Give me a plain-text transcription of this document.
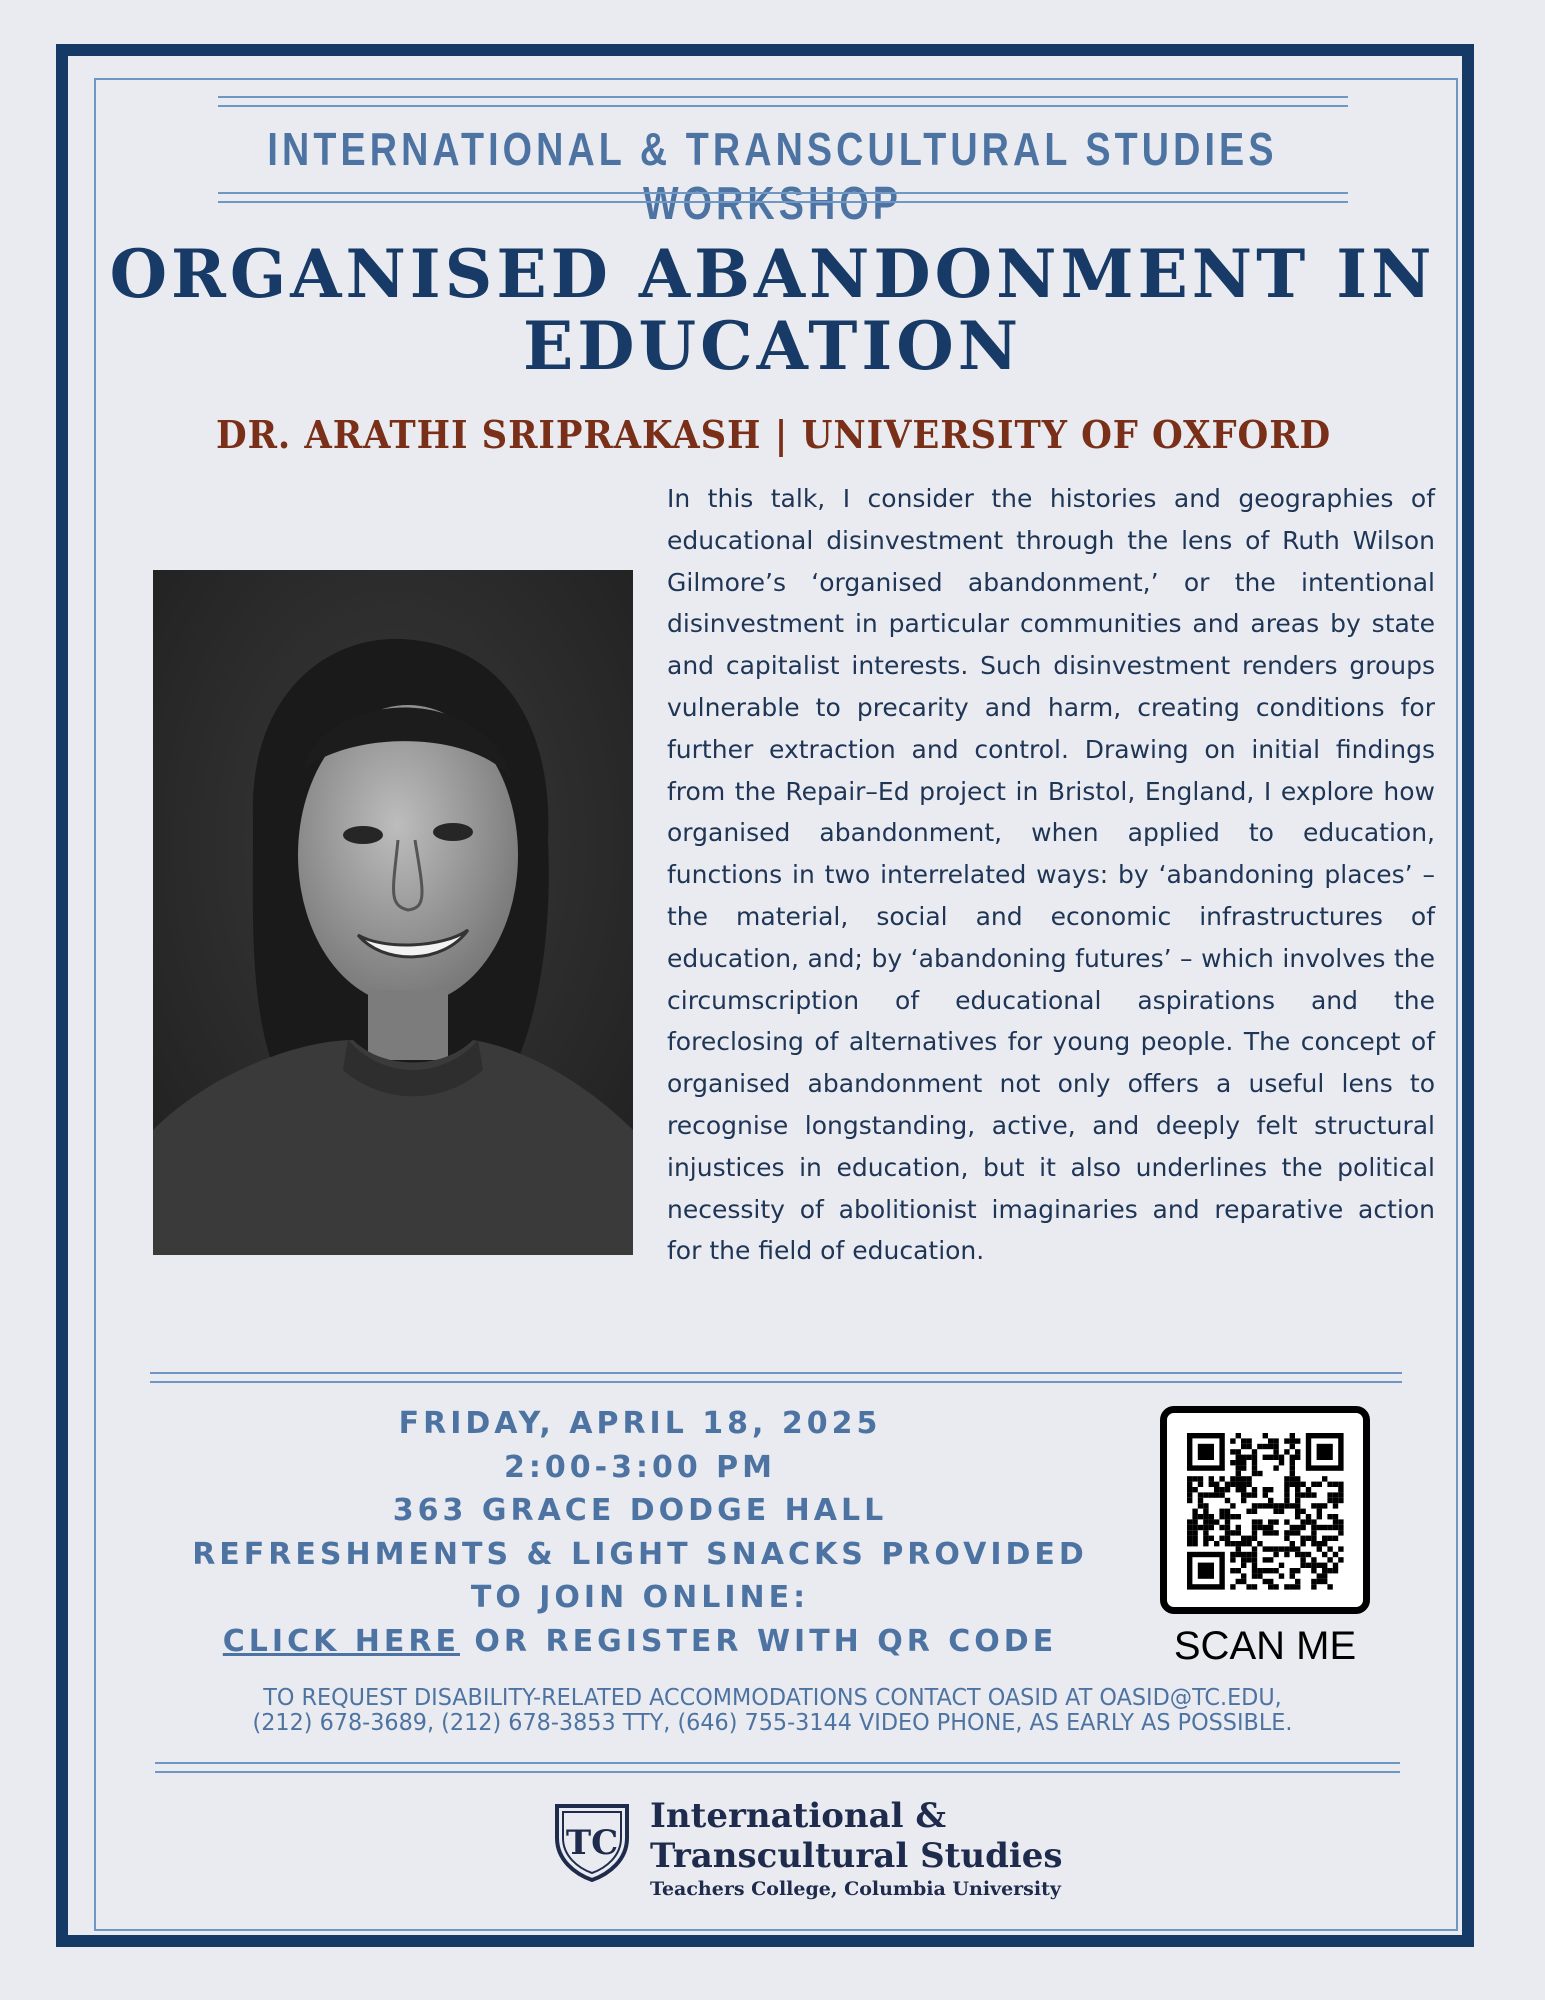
INTERNATIONAL & TRANSCULTURAL STUDIES WORKSHOP
ORGANISED ABANDONMENT IN
EDUCATION
DR. ARATHI SRIPRAKASH | UNIVERSITY OF OXFORD
In this talk, I consider the histories and geographies of educational disinvestment through the lens of Ruth Wilson Gilmore’s ‘organised abandonment,’ or the intentional disinvestment in particular communities and areas by state and capitalist interests. Such disinvestment renders groups vulnerable to precarity and harm, creating conditions for further extraction and control. Drawing on initial findings from the Repair–Ed project in Bristol, England, I explore how organised abandonment, when applied to education, functions in two interrelated ways: by ‘abandoning places’ – the material, social and economic infrastructures of education, and; by ‘abandoning futures’ – which involves the circumscription of educational aspirations and the foreclosing of alternatives for young people. The concept of organised abandonment not only offers a useful lens to recognise longstanding, active, and deeply felt structural injustices in education, but it also underlines the political necessity of abolitionist imaginaries and reparative action for the field of education.
FRIDAY, APRIL 18, 2025
2:00-3:00 PM
363 GRACE DODGE HALL
REFRESHMENTS & LIGHT SNACKS PROVIDED
TO JOIN ONLINE:
CLICK HERE OR REGISTER WITH QR CODE	SCAN ME
TO REQUEST DISABILITY-RELATED ACCOMMODATIONS CONTACT OASID AT OASID@TC.EDU,
(212) 678-3689, (212) 678-3853 TTY, (646) 755-3144 VIDEO PHONE, AS EARLY AS POSSIBLE.
TC
International &
Transcultural Studies
Teachers College, Columbia University
